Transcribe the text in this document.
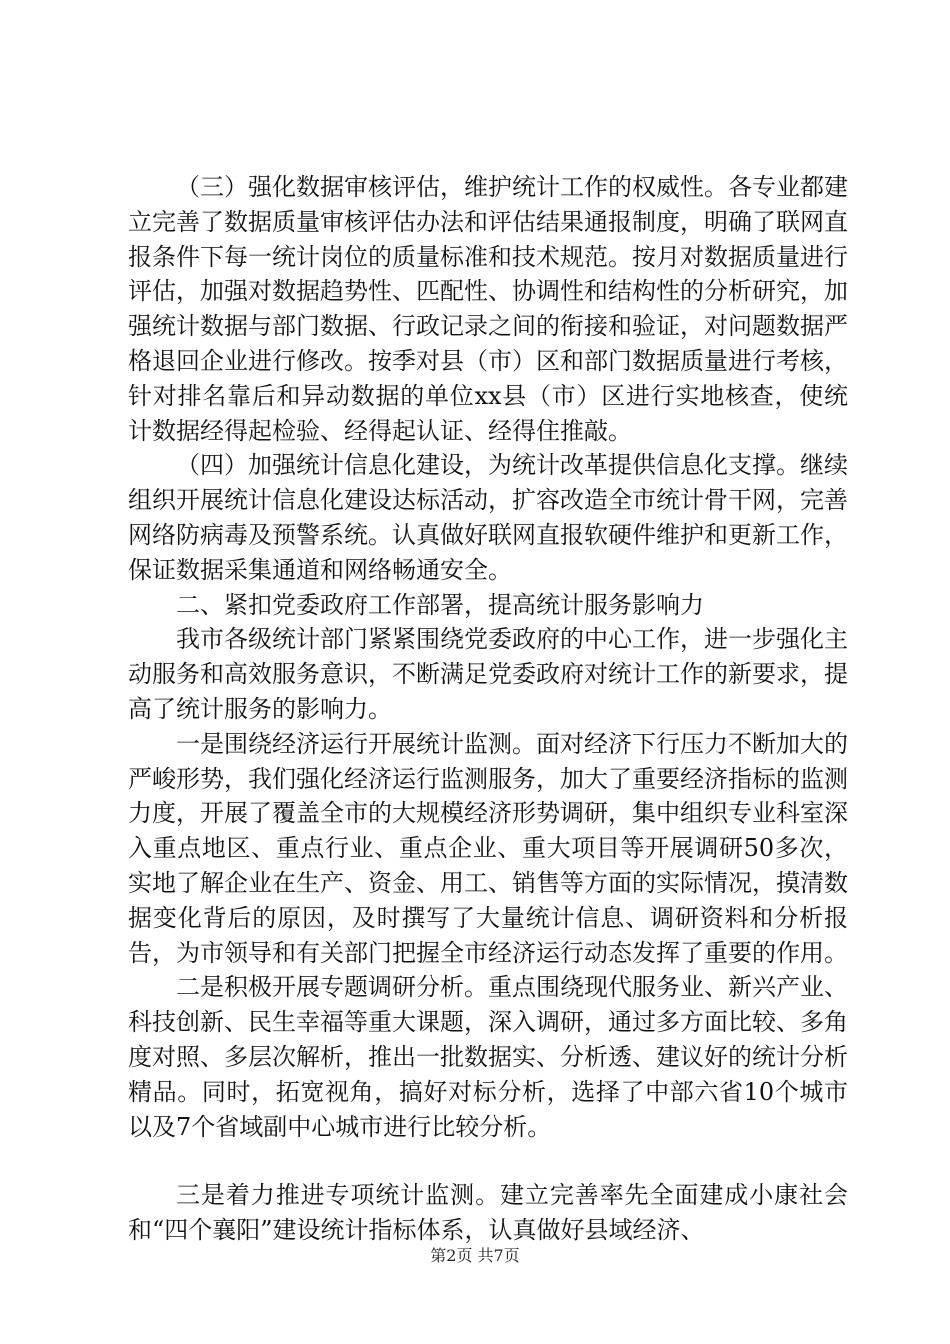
（三）强化数据审核评估，维护统计工作的权威性。各专业都建立完善了数据质量审核评估办法和评估结果通报制度，明确了联网直报条件下每一统计岗位的质量标准和技术规范。按月对数据质量进行评估，加强对数据趋势性、匹配性、协调性和结构性的分析研究，加强统计数据与部门数据、行政记录之间的衔接和验证，对问题数据严格退回企业进行修改。按季对县（市）区和部门数据质量进行考核，针对排名靠后和异动数据的单位xx县（市）区进行实地核查，使统计数据经得起检验、经得起认证、经得住推敲。

（四）加强统计信息化建设，为统计改革提供信息化支撑。继续组织开展统计信息化建设达标活动，扩容改造全市统计骨干网，完善网络防病毒及预警系统。认真做好联网直报软硬件维护和更新工作，保证数据采集通道和网络畅通安全。

二、紧扣党委政府工作部署，提高统计服务影响力

我市各级统计部门紧紧围绕党委政府的中心工作，进一步强化主动服务和高效服务意识，不断满足党委政府对统计工作的新要求，提高了统计服务的影响力。

一是围绕经济运行开展统计监测。面对经济下行压力不断加大的严峻形势，我们强化经济运行监测服务，加大了重要经济指标的监测力度，开展了覆盖全市的大规模经济形势调研，集中组织专业科室深入重点地区、重点行业、重点企业、重大项目等开展调研50多次，实地了解企业在生产、资金、用工、销售等方面的实际情况，摸清数据变化背后的原因，及时撰写了大量统计信息、调研资料和分析报告，为市领导和有关部门把握全市经济运行动态发挥了重要的作用。

二是积极开展专题调研分析。重点围绕现代服务业、新兴产业、科技创新、民生幸福等重大课题，深入调研，通过多方面比较、多角度对照、多层次解析，推出一批数据实、分析透、建议好的统计分析精品。同时，拓宽视角，搞好对标分析，选择了中部六省10个城市以及7个省域副中心城市进行比较分析。

三是着力推进专项统计监测。建立完善率先全面建成小康社会和“四个襄阳”建设统计指标体系，认真做好县域经济、

第2页 共7页
